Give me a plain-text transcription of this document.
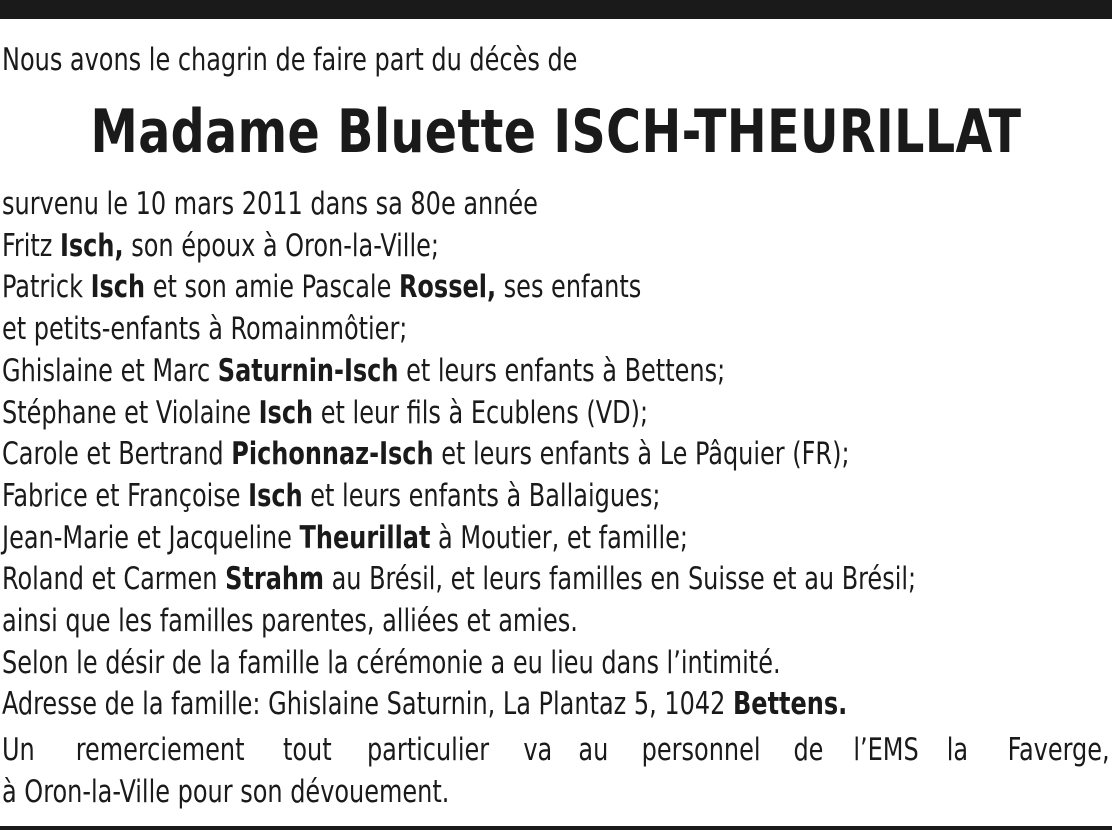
Nous avons le chagrin de faire part du décès de
Madame Bluette ISCH-THEURILLAT
survenu le 10 mars 2011 dans sa 80e année
Fritz Isch, son époux à Oron-la-Ville;
Patrick Isch et son amie Pascale Rossel, ses enfants
et petits-enfants à Romainmôtier;
Ghislaine et Marc Saturnin-Isch et leurs enfants à Bettens;
Stéphane et Violaine Isch et leur fils à Ecublens (VD);
Carole et Bertrand Pichonnaz-Isch et leurs enfants à Le Pâquier (FR);
Fabrice et Françoise Isch et leurs enfants à Ballaigues;
Jean-Marie et Jacqueline Theurillat à Moutier, et famille;
Roland et Carmen Strahm au Brésil, et leurs familles en Suisse et au Brésil;
ainsi que les familles parentes, alliées et amies.
Selon le désir de la famille la cérémonie a eu lieu dans l’intimité.
Adresse de la famille: Ghislaine Saturnin, La Plantaz 5, 1042 Bettens.
Un remerciement tout particulier va au personnel de l’EMS la Faverge,
à Oron-la-Ville pour son dévouement.
